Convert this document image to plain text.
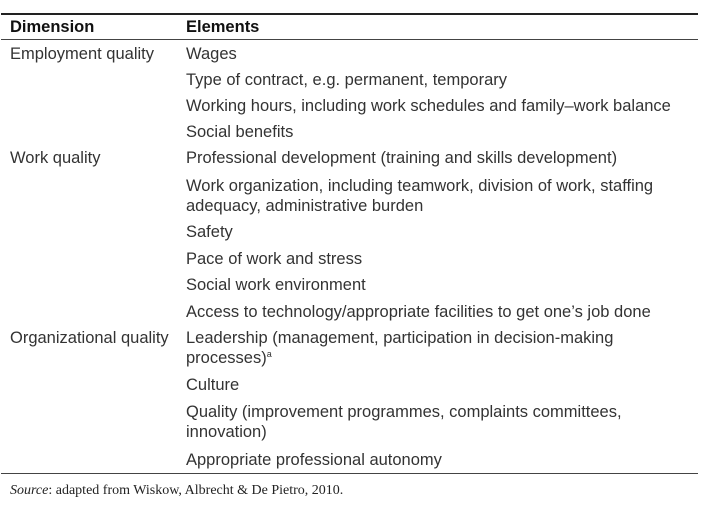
Dimension	Elements
Employment quality Wages
Type of contract, e.g. permanent, temporary
Working hours, including work schedules and family–work balance
Social benefits
Work quality	Professional development (training and skills development)
Work organization, including teamwork, division of work, staffing adequacy, administrative burden
Safety
Pace of work and stress
Social work environment
Access to technology/appropriate facilities to get one’s job done
Organizational quality Leadership (management, participation in decision-making processes)$^a$
Culture
Quality (improvement programmes, complaints committees, innovation)
Appropriate professional autonomy
Source: adapted from Wiskow, Albrecht & De Pietro, 2010.
